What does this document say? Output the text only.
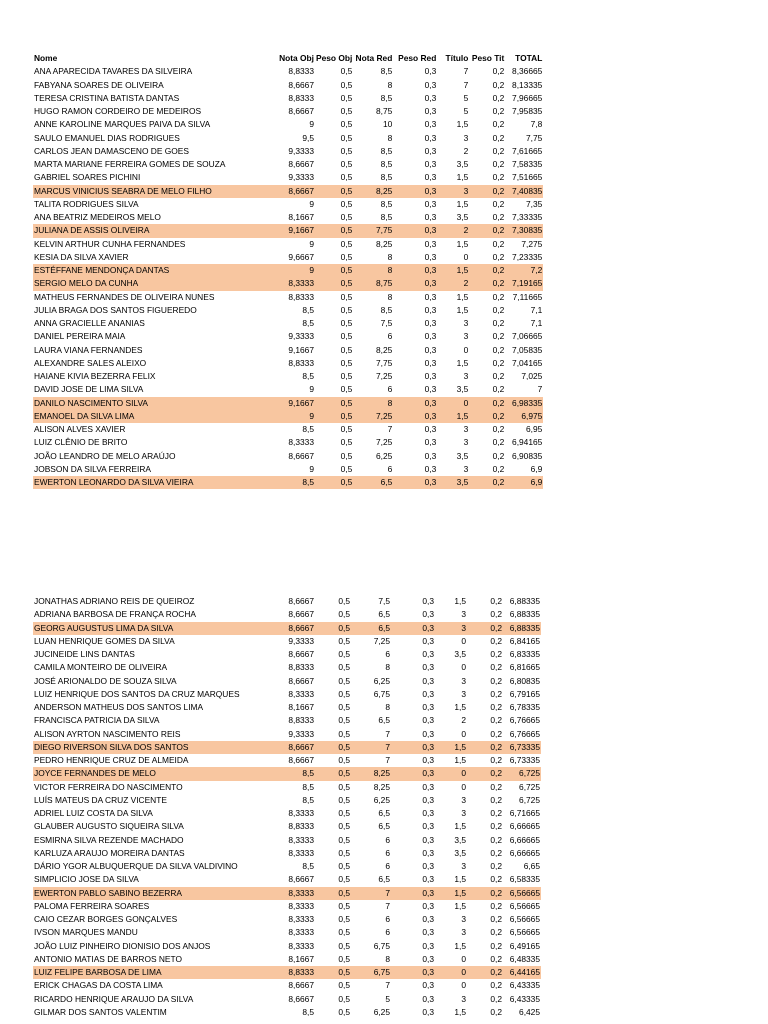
Nome	Nota Obj	Peso Obj	Nota Red	Peso Red	Título	Peso Tit	TOTAL
ANA APARECIDA TAVARES DA SILVEIRA	8,8333	0,5	8,5	0,3	7	0,2	8,36665
FABYANA SOARES DE OLIVEIRA	8,6667	0,5	8	0,3	7	0,2	8,13335
TERESA CRISTINA BATISTA DANTAS	8,8333	0,5	8,5	0,3	5	0,2	7,96665
HUGO RAMON CORDEIRO DE MEDEIROS	8,6667	0,5	8,75	0,3	5	0,2	7,95835
ANNE KAROLINE MARQUES PAIVA DA SILVA	9	0,5	10	0,3	1,5	0,2	7,8
SAULO EMANUEL DIAS RODRIGUES	9,5	0,5	8	0,3	3	0,2	7,75
CARLOS JEAN DAMASCENO DE GOES	9,3333	0,5	8,5	0,3	2	0,2	7,61665
MARTA MARIANE FERREIRA GOMES DE SOUZA	8,6667	0,5	8,5	0,3	3,5	0,2	7,58335
GABRIEL SOARES PICHINI	9,3333	0,5	8,5	0,3	1,5	0,2	7,51665
MARCUS VINICIUS SEABRA DE MELO FILHO	8,6667	0,5	8,25	0,3	3	0,2	7,40835
TALITA RODRIGUES SILVA	9	0,5	8,5	0,3	1,5	0,2	7,35
ANA BEATRIZ MEDEIROS MELO	8,1667	0,5	8,5	0,3	3,5	0,2	7,33335
JULIANA DE ASSIS OLIVEIRA	9,1667	0,5	7,75	0,3	2	0,2	7,30835
KELVIN ARTHUR CUNHA FERNANDES	9	0,5	8,25	0,3	1,5	0,2	7,275
KESIA DA SILVA XAVIER	9,6667	0,5	8	0,3	0	0,2	7,23335
ESTÉFFANE MENDONÇA DANTAS	9	0,5	8	0,3	1,5	0,2	7,2
SERGIO MELO DA CUNHA	8,3333	0,5	8,75	0,3	2	0,2	7,19165
MATHEUS FERNANDES DE OLIVEIRA NUNES	8,8333	0,5	8	0,3	1,5	0,2	7,11665
JULIA BRAGA DOS SANTOS FIGUEREDO	8,5	0,5	8,5	0,3	1,5	0,2	7,1
ANNA GRACIELLE ANANIAS	8,5	0,5	7,5	0,3	3	0,2	7,1
DANIEL PEREIRA MAIA	9,3333	0,5	6	0,3	3	0,2	7,06665
LAURA VIANA FERNANDES	9,1667	0,5	8,25	0,3	0	0,2	7,05835
ALEXANDRE SALES ALEIXO	8,8333	0,5	7,75	0,3	1,5	0,2	7,04165
HAIANE KIVIA BEZERRA FELIX	8,5	0,5	7,25	0,3	3	0,2	7,025
DAVID JOSE DE LIMA SILVA	9	0,5	6	0,3	3,5	0,2	7
DANILO NASCIMENTO SILVA	9,1667	0,5	8	0,3	0	0,2	6,98335
EMANOEL DA SILVA LIMA	9	0,5	7,25	0,3	1,5	0,2	6,975
ALISON ALVES XAVIER	8,5	0,5	7	0,3	3	0,2	6,95
LUIZ CLÊNIO DE BRITO	8,3333	0,5	7,25	0,3	3	0,2	6,94165
JOÃO LEANDRO DE MELO ARAÚJO	8,6667	0,5	6,25	0,3	3,5	0,2	6,90835
JOBSON DA SILVA FERREIRA	9	0,5	6	0,3	3	0,2	6,9
EWERTON LEONARDO DA SILVA VIEIRA	8,5	0,5	6,5	0,3	3,5	0,2	6,9
JONATHAS ADRIANO REIS DE QUEIROZ	8,6667	0,5	7,5	0,3	1,5	0,2	6,88335
ADRIANA BARBOSA DE FRANÇA ROCHA	8,6667	0,5	6,5	0,3	3	0,2	6,88335
GEORG AUGUSTUS LIMA DA SILVA	8,6667	0,5	6,5	0,3	3	0,2	6,88335
LUAN HENRIQUE GOMES DA SILVA	9,3333	0,5	7,25	0,3	0	0,2	6,84165
JUCINEIDE LINS DANTAS	8,6667	0,5	6	0,3	3,5	0,2	6,83335
CAMILA MONTEIRO DE OLIVEIRA	8,8333	0,5	8	0,3	0	0,2	6,81665
JOSÉ ARIONALDO DE SOUZA SILVA	8,6667	0,5	6,25	0,3	3	0,2	6,80835
LUIZ HENRIQUE DOS SANTOS DA CRUZ MARQUES	8,3333	0,5	6,75	0,3	3	0,2	6,79165
ANDERSON MATHEUS DOS SANTOS LIMA	8,1667	0,5	8	0,3	1,5	0,2	6,78335
FRANCISCA PATRICIA DA SILVA	8,8333	0,5	6,5	0,3	2	0,2	6,76665
ALISON AYRTON NASCIMENTO REIS	9,3333	0,5	7	0,3	0	0,2	6,76665
DIEGO RIVERSON SILVA DOS SANTOS	8,6667	0,5	7	0,3	1,5	0,2	6,73335
PEDRO HENRIQUE CRUZ DE ALMEIDA	8,6667	0,5	7	0,3	1,5	0,2	6,73335
JOYCE FERNANDES DE MELO	8,5	0,5	8,25	0,3	0	0,2	6,725
VICTOR FERREIRA DO NASCIMENTO	8,5	0,5	8,25	0,3	0	0,2	6,725
LUÍS MATEUS DA CRUZ VICENTE	8,5	0,5	6,25	0,3	3	0,2	6,725
ADRIEL LUIZ COSTA DA SILVA	8,3333	0,5	6,5	0,3	3	0,2	6,71665
GLAUBER AUGUSTO SIQUEIRA SILVA	8,8333	0,5	6,5	0,3	1,5	0,2	6,66665
ESMIRNA SILVA REZENDE MACHADO	8,3333	0,5	6	0,3	3,5	0,2	6,66665
KARLUZA ARAUJO MOREIRA DANTAS	8,3333	0,5	6	0,3	3,5	0,2	6,66665
DÁRIO YGOR ALBUQUERQUE DA SILVA VALDIVINO	8,5	0,5	6	0,3	3	0,2	6,65
SIMPLICIO JOSE DA SILVA	8,6667	0,5	6,5	0,3	1,5	0,2	6,58335
EWERTON PABLO SABINO BEZERRA	8,3333	0,5	7	0,3	1,5	0,2	6,56665
PALOMA FERREIRA SOARES	8,3333	0,5	7	0,3	1,5	0,2	6,56665
CAIO CEZAR BORGES GONÇALVES	8,3333	0,5	6	0,3	3	0,2	6,56665
IVSON MARQUES MANDU	8,3333	0,5	6	0,3	3	0,2	6,56665
JOÃO LUIZ PINHEIRO DIONISIO DOS ANJOS	8,3333	0,5	6,75	0,3	1,5	0,2	6,49165
ANTONIO MATIAS DE BARROS NETO	8,1667	0,5	8	0,3	0	0,2	6,48335
LUIZ FELIPE BARBOSA DE LIMA	8,8333	0,5	6,75	0,3	0	0,2	6,44165
ERICK CHAGAS DA COSTA LIMA	8,6667	0,5	7	0,3	0	0,2	6,43335
RICARDO HENRIQUE ARAUJO DA SILVA	8,6667	0,5	5	0,3	3	0,2	6,43335
GILMAR DOS SANTOS VALENTIM	8,5	0,5	6,25	0,3	1,5	0,2	6,425
